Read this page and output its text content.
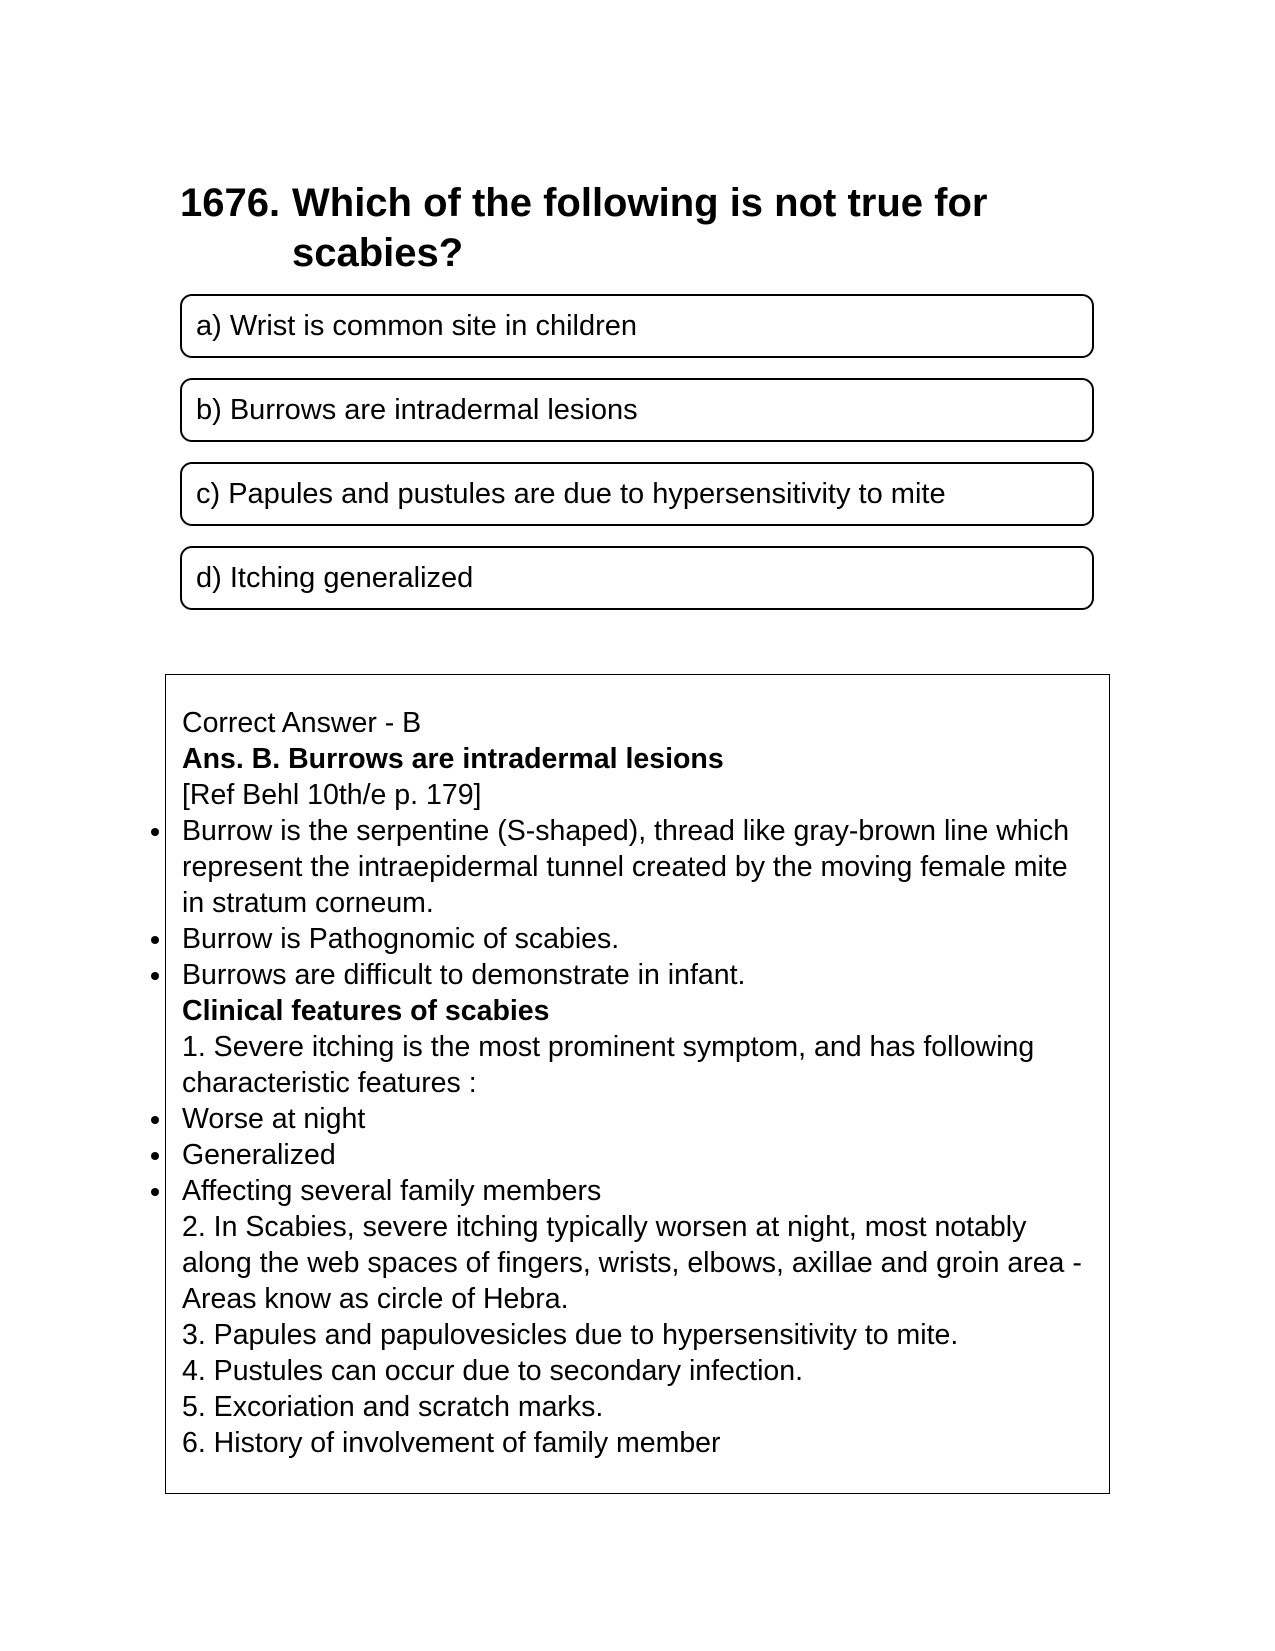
1676. Which of the following is not true for scabies?
a) Wrist is common site in children
b) Burrows are intradermal lesions
c) Papules and pustules are due to hypersensitivity to mite
d) Itching generalized

Correct Answer - B

Ans. B. Burrows are intradermal lesions

[Ref Behl 10th/e p. 179]

Burrow is the serpentine (S-shaped), thread like gray-brown line which represent the intraepidermal tunnel created by the moving female mite in stratum corneum.

Burrow is Pathognomic of scabies.

Burrows are difficult to demonstrate in infant.

Clinical features of scabies

1. Severe itching is the most prominent symptom, and has following characteristic features :

Worse at night

Generalized

Affecting several family members

2. In Scabies, severe itching typically worsen at night, most notably along the web spaces of fingers, wrists, elbows, axillae and groin area - Areas know as circle of Hebra.

3. Papules and papulovesicles due to hypersensitivity to mite.

4. Pustules can occur due to secondary infection.

5. Excoriation and scratch marks.

6. History of involvement of family member
